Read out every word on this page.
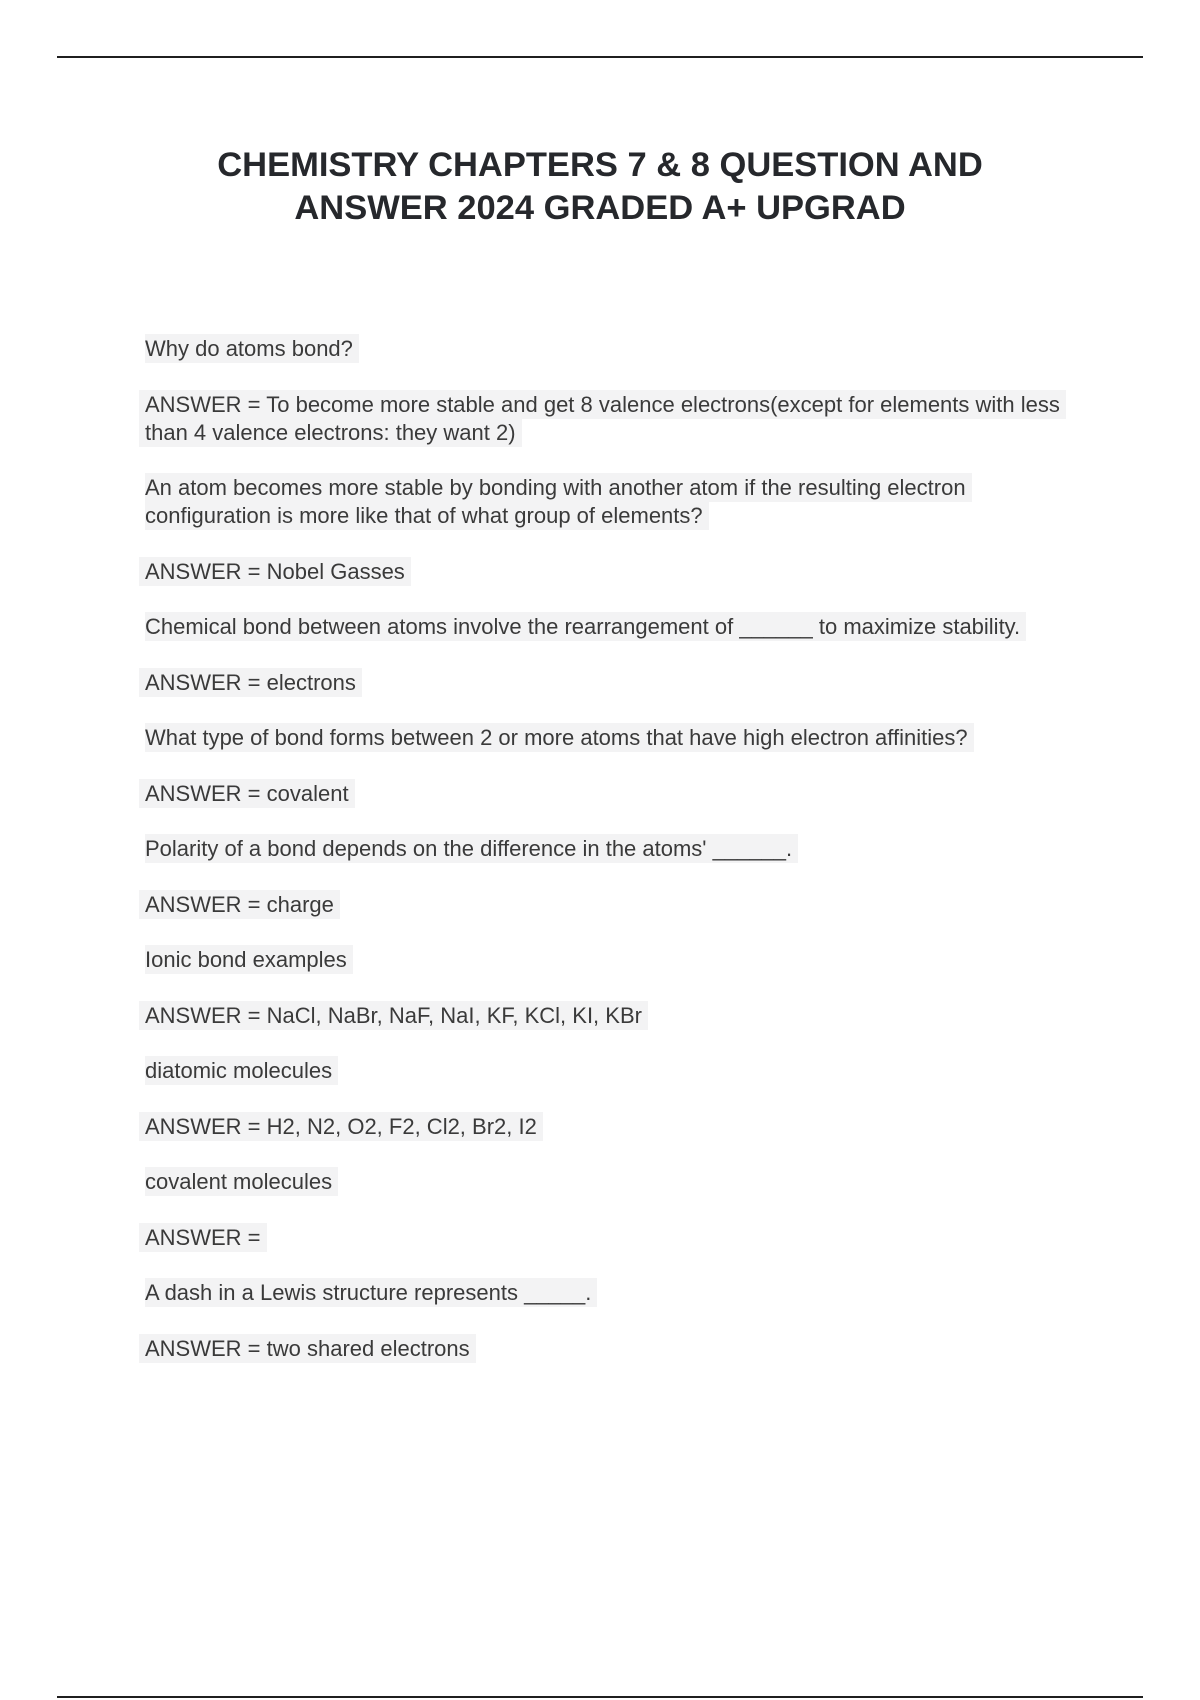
CHEMISTRY CHAPTERS 7 & 8 QUESTION AND
ANSWER 2024 GRADED A+ UPGRAD

Why do atoms bond?

ANSWER = To become more stable and get 8 valence electrons(except for elements with less than 4 valence electrons: they want 2)

An atom becomes more stable by bonding with another atom if the resulting electron configuration is more like that of what group of elements?

ANSWER = Nobel Gasses

Chemical bond between atoms involve the rearrangement of ______ to maximize stability.

ANSWER = electrons

What type of bond forms between 2 or more atoms that have high electron affinities?

ANSWER = covalent

Polarity of a bond depends on the difference in the atoms' ______.

ANSWER = charge

Ionic bond examples

ANSWER = NaCl, NaBr, NaF, NaI, KF, KCl, KI, KBr

diatomic molecules

ANSWER = H2, N2, O2, F2, Cl2, Br2, I2

covalent molecules

ANSWER =

A dash in a Lewis structure represents _____.

ANSWER = two shared electrons
